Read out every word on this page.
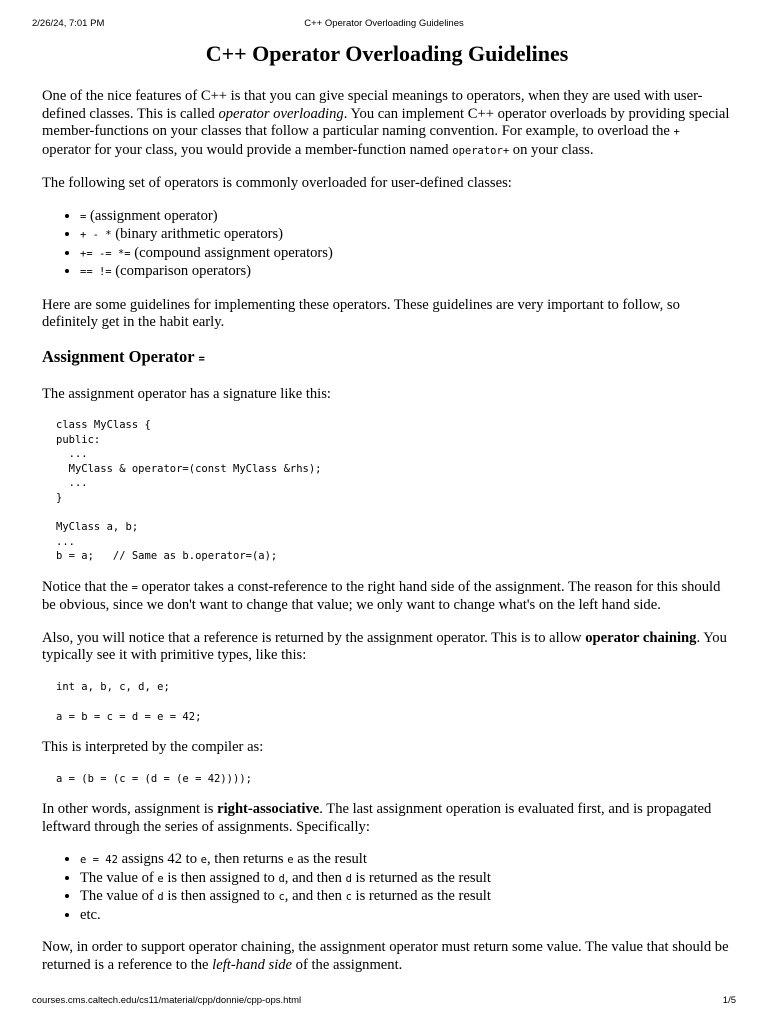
2/26/24, 7:01 PM	C++ Operator Overloading Guidelines
C++ Operator Overloading Guidelines

One of the nice features of C++ is that you can give special meanings to operators, when they are used with user-defined classes. This is called operator overloading. You can implement C++ operator overloads by providing special member-functions on your classes that follow a particular naming convention. For example, to overload the + operator for your class, you would provide a member-function named operator+ on your class.

The following set of operators is commonly overloaded for user-defined classes:

• = (assignment operator)
• + - * (binary arithmetic operators)
• += -= *= (compound assignment operators)
• == != (comparison operators)

Here are some guidelines for implementing these operators. These guidelines are very important to follow, so definitely get in the habit early.

Assignment Operator =

The assignment operator has a signature like this:

class MyClass {
public:
...
MyClass & operator=(const MyClass &rhs);
...
}

MyClass a, b;
...
b = a;   // Same as b.operator=(a);

Notice that the = operator takes a const-reference to the right hand side of the assignment. The reason for this should be obvious, since we don't want to change that value; we only want to change what's on the left hand side.

Also, you will notice that a reference is returned by the assignment operator. This is to allow operator chaining. You typically see it with primitive types, like this:

int a, b, c, d, e;
a = b = c = d = e = 42;

This is interpreted by the compiler as:

a = (b = (c = (d = (e = 42))));

In other words, assignment is right-associative. The last assignment operation is evaluated first, and is propagated leftward through the series of assignments. Specifically:

• e = 42 assigns 42 to e, then returns e as the result
• The value of e is then assigned to d, and then d is returned as the result
• The value of d is then assigned to c, and then c is returned as the result
• etc.

Now, in order to support operator chaining, the assignment operator must return some value. The value that should be returned is a reference to the left-hand side of the assignment.

courses.cms.caltech.edu/cs11/material/cpp/donnie/cpp-ops.html	1/5
